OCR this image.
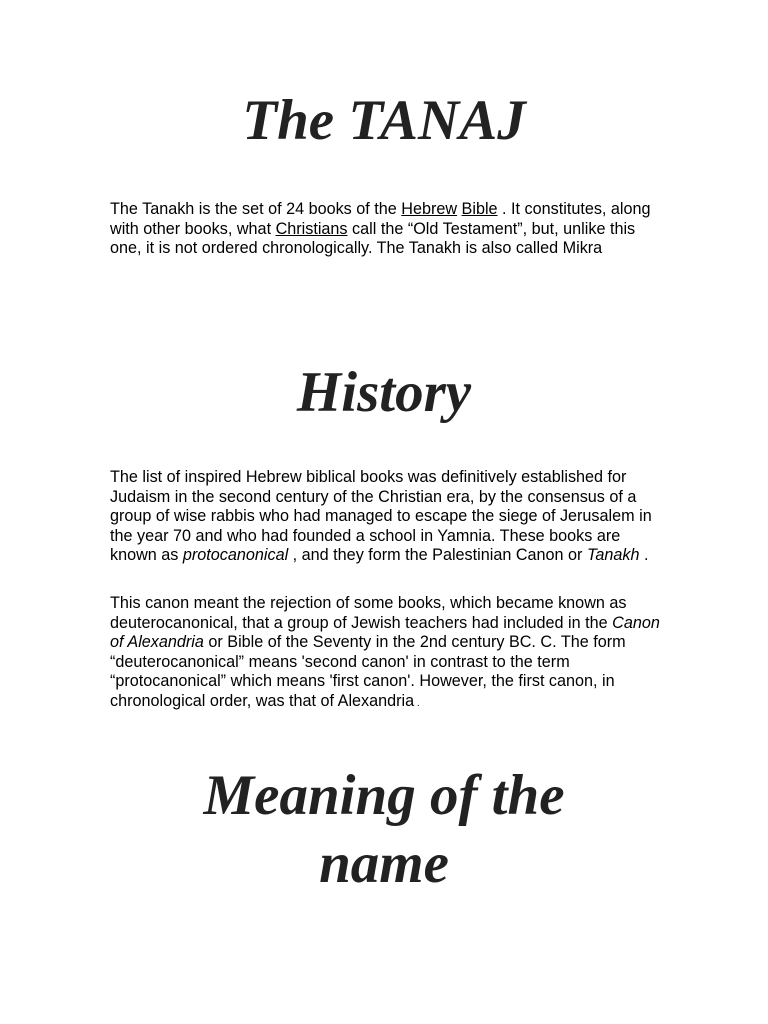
The TANAJ

The Tanakh is the set of 24 books of the Hebrew Bible . It constitutes, along with other books, what Christians call the “Old Testament”, but, unlike this one, it is not ordered chronologically. The Tanakh is also called Mikra

History

The list of inspired Hebrew biblical books was definitively established for Judaism in the second century of the Christian era, by the consensus of a group of wise rabbis who had managed to escape the siege of Jerusalem in the year 70 and who had founded a school in Yamnia. These books are known as protocanonical , and they form the Palestinian Canon or Tanakh .

This canon meant the rejection of some books, which became known as deuterocanonical, that a group of Jewish teachers had included in the Canon of Alexandria or Bible of the Seventy in the 2nd century BC. C. The form “deuterocanonical” means 'second canon' in contrast to the term “protocanonical” which means 'first canon'. However, the first canon, in chronological order, was that of Alexandria .

Meaning of the
name
